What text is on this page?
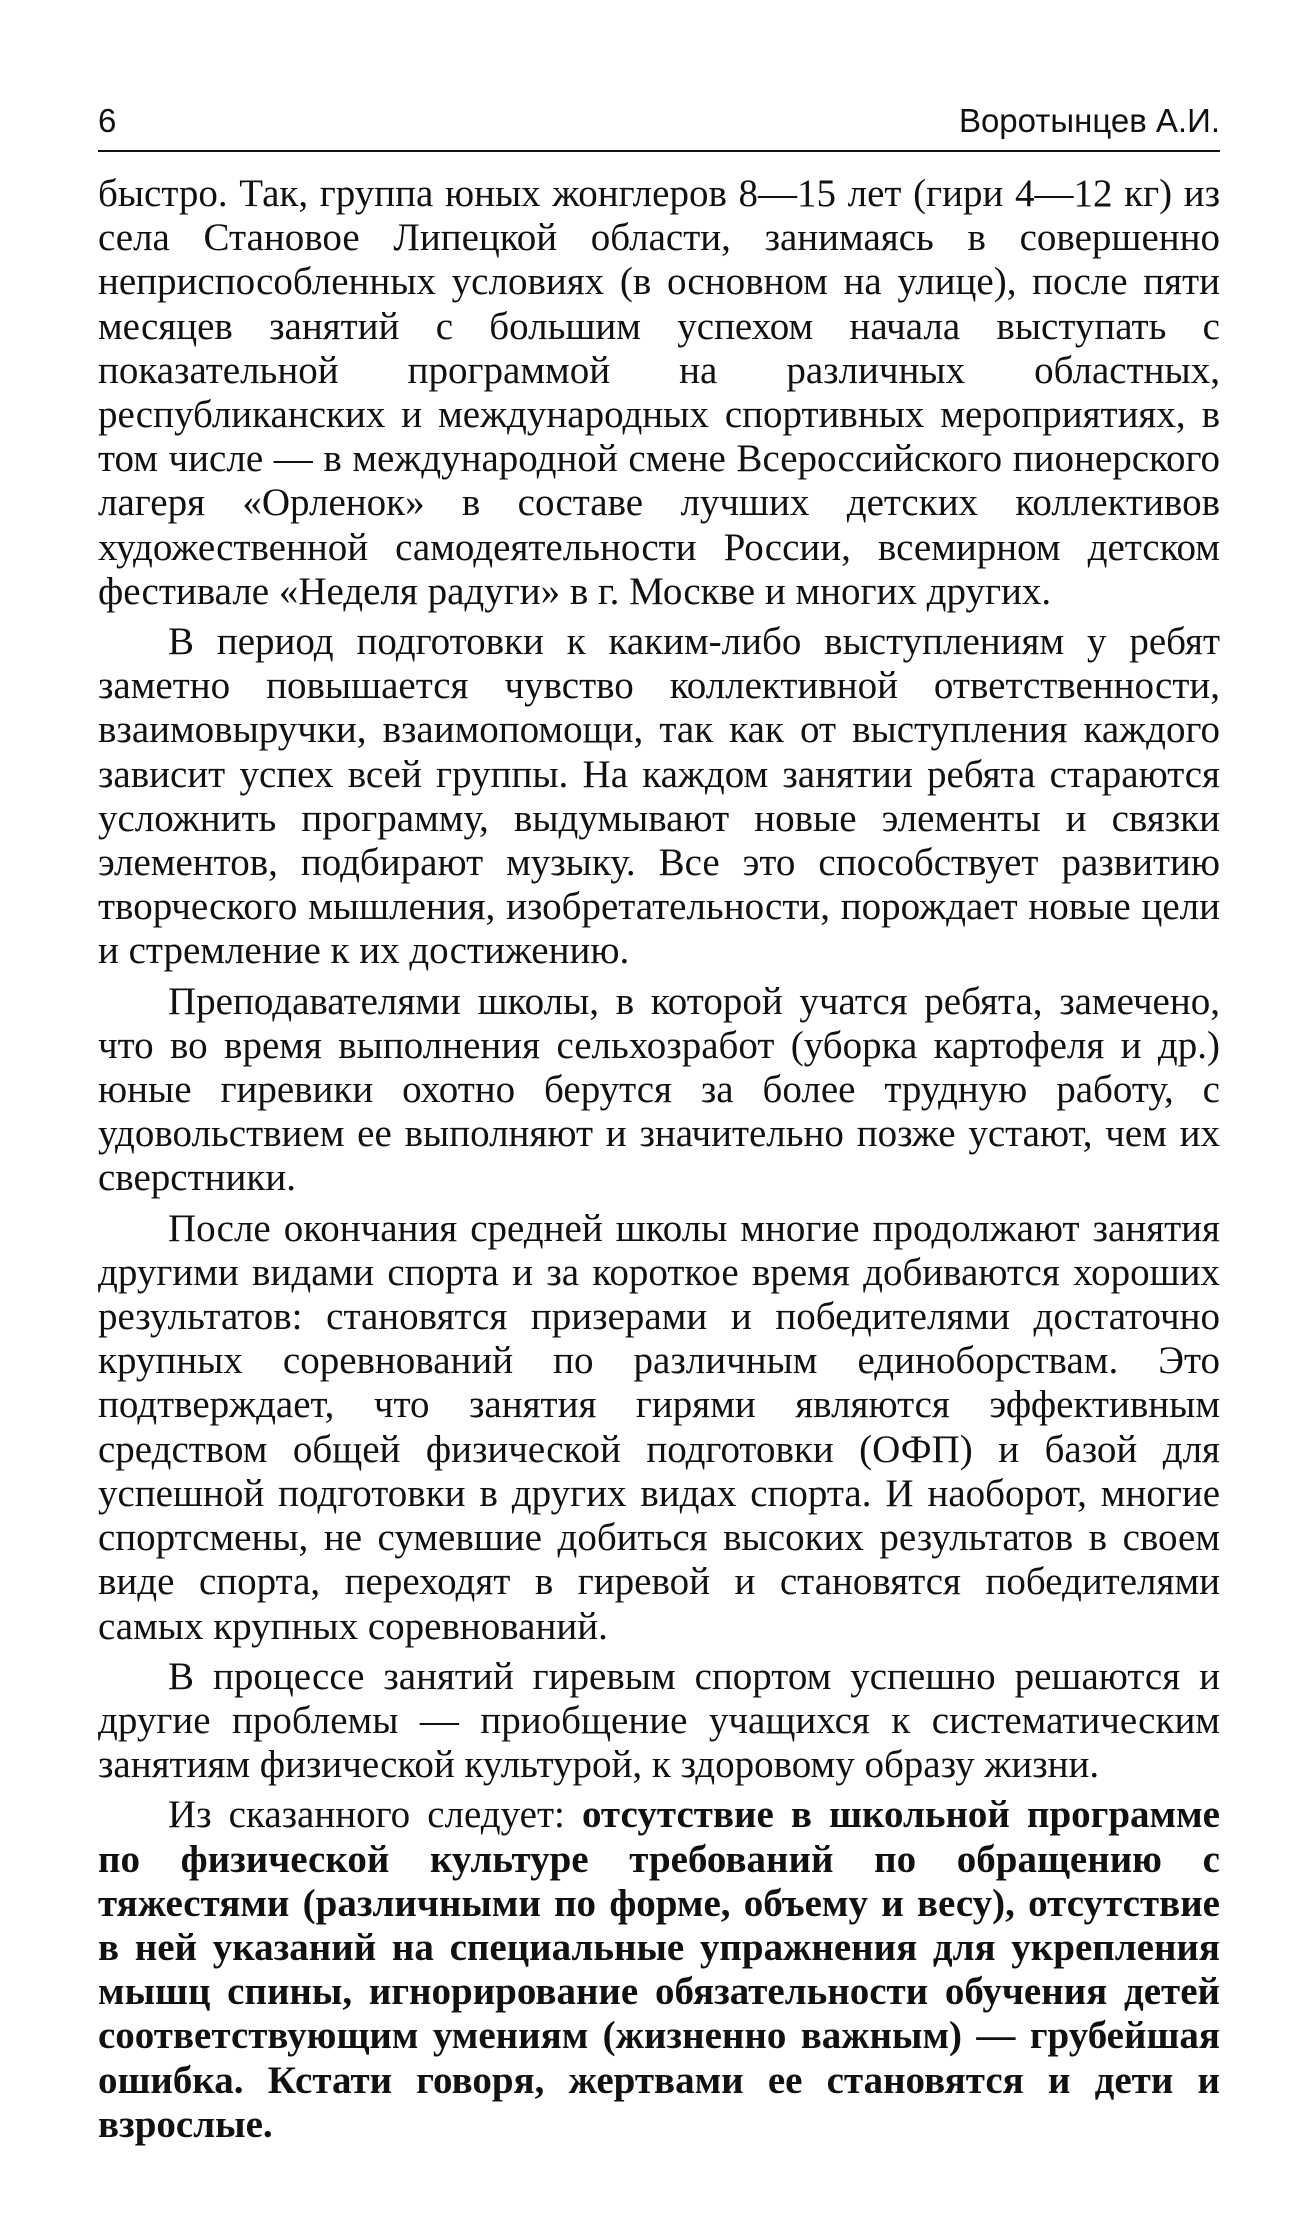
6	Воротынцев А.И.

быстро. Так, группа юных жонглеров 8—15 лет (гири 4—12 кг) из села Становое Липецкой области, занимаясь в совершенно неприспособленных условиях (в основном на улице), после пяти месяцев занятий с большим успехом начала выступать с показательной программой на различных областных, республиканских и международных спортивных мероприятиях, в том числе — в международной смене Всероссийского пионерского лагеря «Орленок» в составе лучших детских коллективов художественной самодеятельности России, всемирном детском фестивале «Неделя радуги» в г. Москве и многих других.

В период подготовки к каким-либо выступлениям у ребят заметно повышается чувство коллективной ответственности, взаимовыручки, взаимопомощи, так как от выступления каждого зависит успех всей группы. На каждом занятии ребята стараются усложнить программу, выдумывают новые элементы и связки элементов, подбирают музыку. Все это способствует развитию творческого мышления, изобретательности, порождает новые цели и стремление к их достижению.

Преподавателями школы, в которой учатся ребята, замечено, что во время выполнения сельхозработ (уборка картофеля и др.) юные гиревики охотно берутся за более трудную работу, с удовольствием ее выполняют и значительно позже устают, чем их сверстники.

После окончания средней школы многие продолжают занятия другими видами спорта и за короткое время добиваются хороших результатов: становятся призерами и победителями достаточно крупных соревнований по различным единоборствам. Это подтверждает, что занятия гирями являются эффективным средством общей физической подготовки (ОФП) и базой для успешной подготовки в других видах спорта. И наоборот, многие спортсмены, не сумевшие добиться высоких результатов в своем виде спорта, переходят в гиревой и становятся победителями самых крупных соревнований.

В процессе занятий гиревым спортом успешно решаются и другие проблемы — приобщение учащихся к систематическим занятиям физической культурой, к здоровому образу жизни.

Из сказанного следует: отсутствие в школьной программе по физической культуре требований по обращению с тяжестями (различными по форме, объему и весу), отсутствие в ней указаний на специальные упражнения для укрепления мышц спины, игнорирование обязательности обучения детей соответствующим умениям (жизненно важным) — грубейшая ошибка. Кстати говоря, жертвами ее становятся и дети и взрослые.
